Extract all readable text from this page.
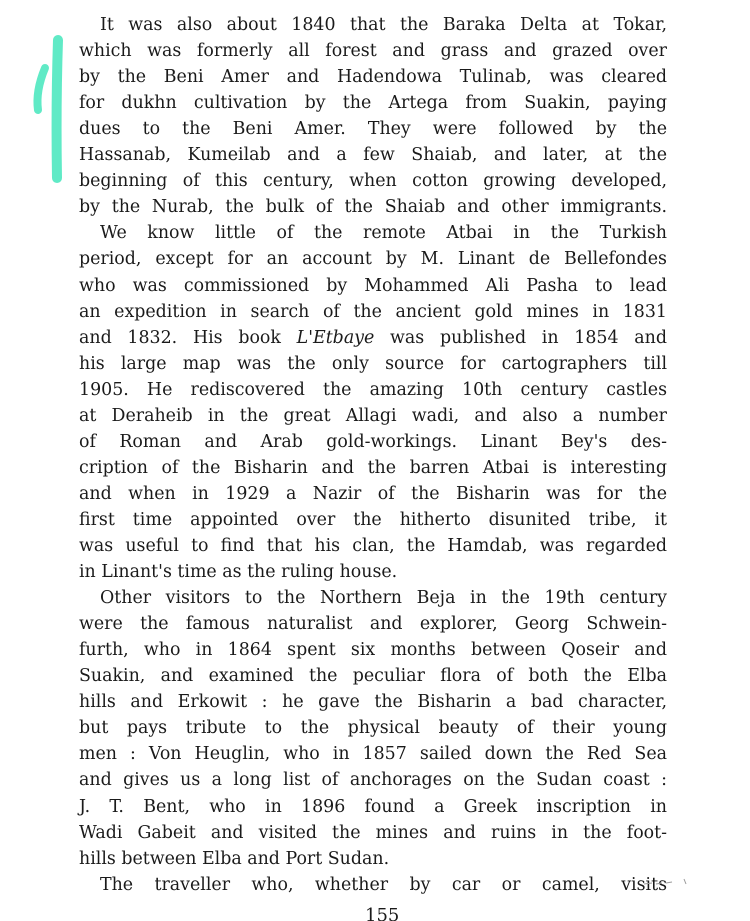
It was also about 1840 that the Baraka Delta at Tokar,
which was formerly all forest and grass and grazed over
by the Beni Amer and Hadendowa Tulinab, was cleared
for dukhn cultivation by the Artega from Suakin, paying
dues to the Beni Amer. They were followed by the
Hassanab, Kumeilab and a few Shaiab, and later, at the
beginning of this century, when cotton growing developed,
by the Nurab, the bulk of the Shaiab and other immigrants.
We know little of the remote Atbai in the Turkish
period, except for an account by M. Linant de Bellefondes
who was commissioned by Mohammed Ali Pasha to lead
an expedition in search of the ancient gold mines in 1831
and 1832. His book L'Etbaye was published in 1854 and
his large map was the only source for cartographers till
1905. He rediscovered the amazing 10th century castles
at Deraheib in the great Allagi wadi, and also a number
of Roman and Arab gold-workings. Linant Bey's des-
cription of the Bisharin and the barren Atbai is interesting
and when in 1929 a Nazir of the Bisharin was for the
first time appointed over the hitherto disunited tribe, it
was useful to find that his clan, the Hamdab, was regarded
in Linant's time as the ruling house.
Other visitors to the Northern Beja in the 19th century
were the famous naturalist and explorer, Georg Schwein-
furth, who in 1864 spent six months between Qoseir and
Suakin, and examined the peculiar flora of both the Elba
hills and Erkowit : he gave the Bisharin a bad character,
but pays tribute to the physical beauty of their young
men : Von Heuglin, who in 1857 sailed down the Red Sea
and gives us a long list of anchorages on the Sudan coast :
J. T. Bent, who in 1896 found a Greek inscription in
Wadi Gabeit and visited the mines and ruins in the foot-
hills between Elba and Port Sudan.
The traveller who, whether by car or camel, visits
155
